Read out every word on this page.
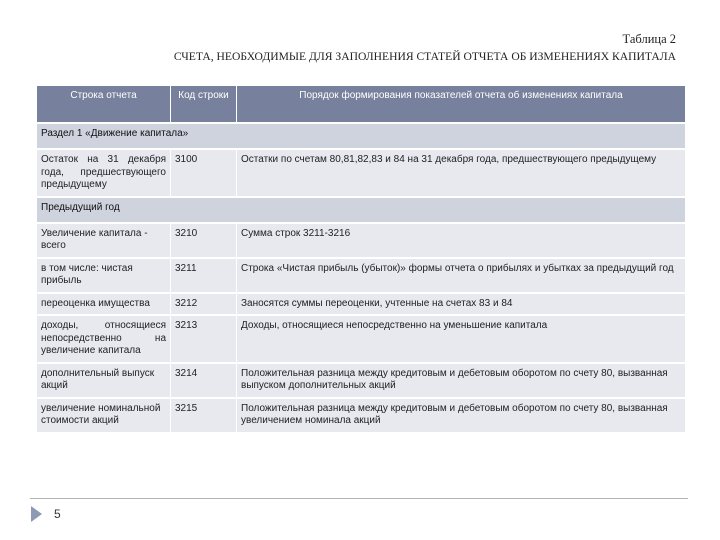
Таблица 2
СЧЕТА, НЕОБХОДИМЫЕ ДЛЯ ЗАПОЛНЕНИЯ СТАТЕЙ ОТЧЕТА ОБ ИЗМЕНЕНИЯХ КАПИТАЛА
Строка отчета	Код строки	Порядок формирования показателей отчета об изменениях капитала
Раздел 1 «Движение капитала»		
Остаток на 31 декабря года, предшествующего предыдущему	3100	Остатки по счетам 80,81,82,83 и 84 на 31 декабря года, предшествующего предыдущему
Предыдущий год		
Увеличение капитала - всего	3210	Сумма строк 3211-3216
в том числе: чистая прибыль	3211	Строка «Чистая прибыль (убыток)» формы отчета о прибылях и убытках за предыдущий год
переоценка имущества	3212	Заносятся суммы переоценки, учтенные на счетах 83 и 84
доходы, относящиеся непосредственно на увеличение капитала	3213	Доходы, относящиеся непосредственно на уменьшение капитала
дополнительный выпуск акций	3214	Положительная разница между кредитовым и дебетовым оборотом по счету 80, вызванная выпуском дополнительных акций
увеличение номинальной стоимости акций	3215	Положительная разница между кредитовым и дебетовым оборотом по счету 80, вызванная увеличением номинала акций
5
